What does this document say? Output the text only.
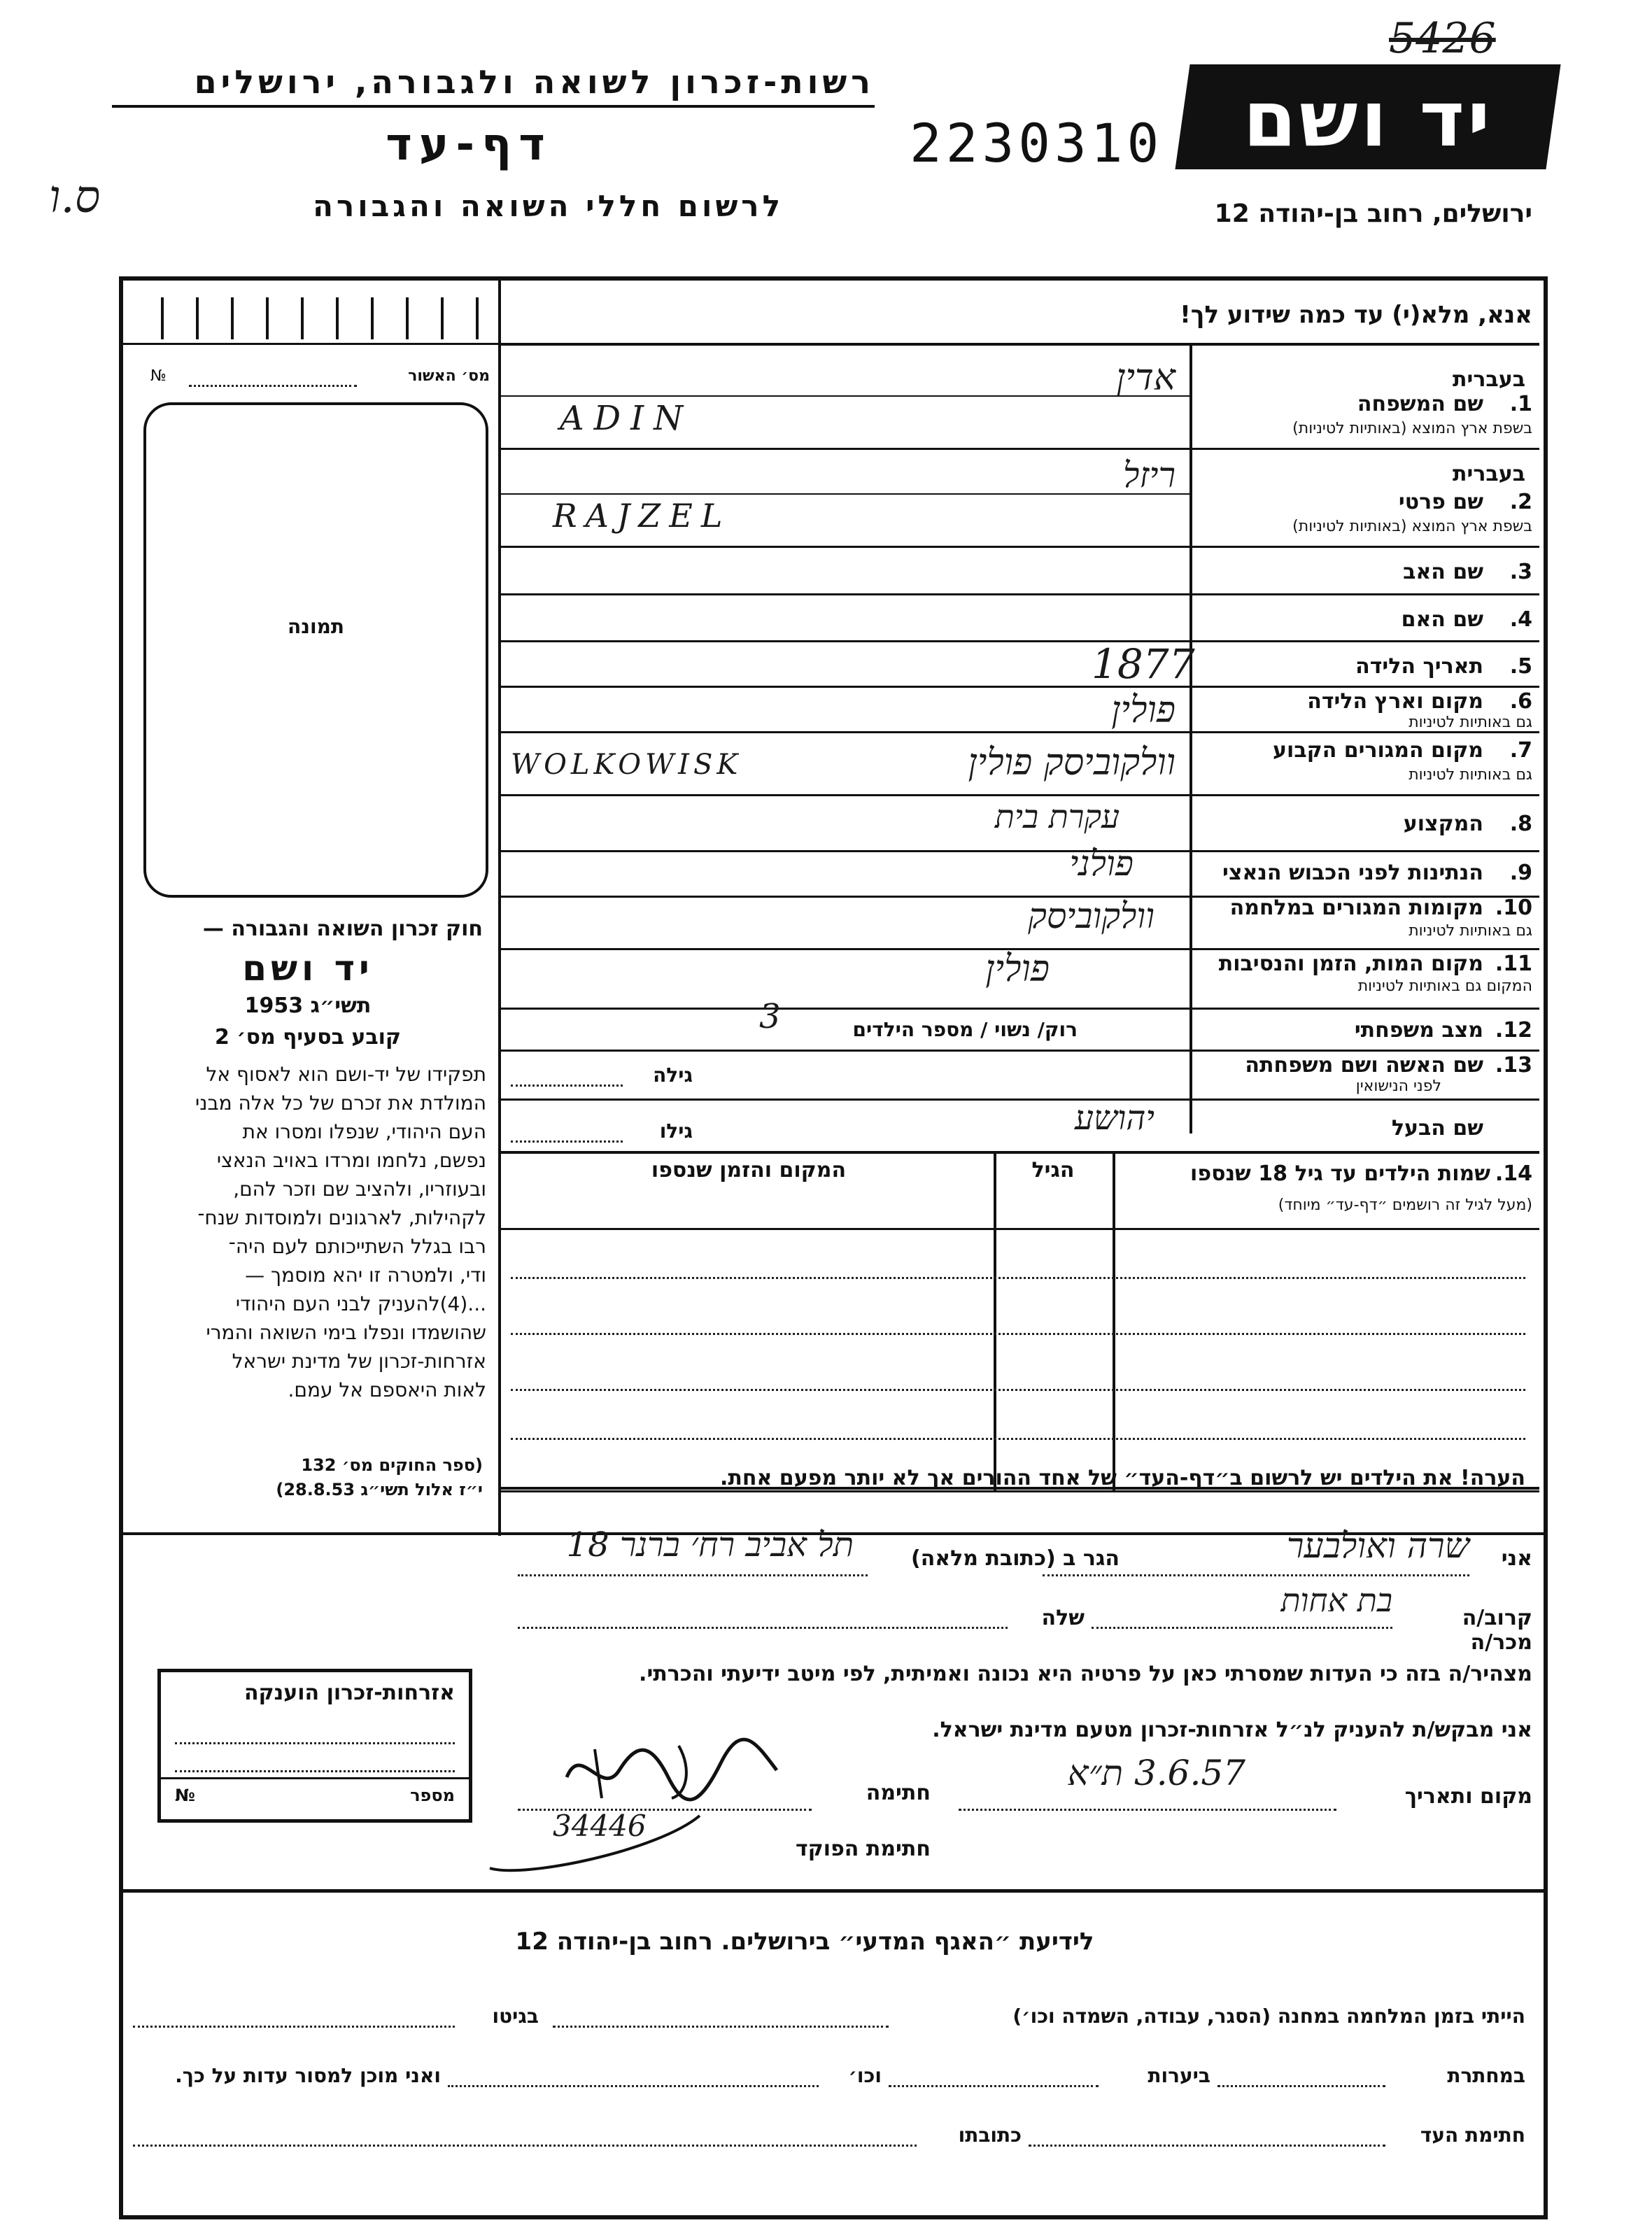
5426
רשות-זכרון לשואה ולגבורה, ירושלים
דף-עד
ס.ו	לרשום חללי השואה והגבורה
2230310	יד ושם
ירושלים, רחוב בן-יהודה 12
אנא, מלא(י) עד כמה שידוע לך!
מס׳ האשור
№
תמונה
חוק זכרון השואה והגבורה —
יד ושם
תשי״ג 1953
קובע בסעיף מס׳ 2
תפקידו של יד-ושם הוא לאסוף אל
המולדת את זכרם של כל אלה מבני
העם היהודי, שנפלו ומסרו את
נפשם, נלחמו ומרדו באויב הנאצי
ובעוזריו, ולהציב שם וזכר להם,
לקהילות, לארגונים ולמוסדות שנח־
רבו בגלל השתייכותם לעם היה־
ודי, ולמטרה זו יהא מוסמך —
...(4)להעניק לבני העם היהודי
שהושמדו ונפלו בימי השואה והמרי
אזרחות-זכרון של מדינת ישראל
לאות היאספם אל עמם.
(ספר החוקים מס׳ 132
י״ז אלול תשי״ג 28.8.53)
אזרחות-זכרון הוענקה
מספר
№
בעברית
שם המשפחה	1.
בשפת ארץ המוצא (באותיות לטיניות)
אדין
ADIN
בעברית
שם פרטי	2.
בשפת ארץ המוצא (באותיות לטיניות)
ריזל
RAJZEL
שם האב	3.
שם האם	4.
תאריך הלידה	5.
1877
מקום וארץ הלידה	6.
גם באותיות לטיניות
פולין
מקום המגורים הקבוע	7.
גם באותיות לטיניות
וולקוביסק פולין
WOLKOWISK
המקצוע	8.
עקרת בית
הנתינות לפני הכבוש הנאצי	9.
פולני
מקומות המגורים במלחמה 10.
גם באותיות לטיניות
וולקוביסק
מקום המות, הזמן והנסיבות 11.
המקום גם באותיות לטיניות
פולין
מצב משפחתי 12.
רוק/ נשוי / מספר הילדים
3
שם האשה ושם משפחתה 13.
לפני הנישואין
גילה
שם הבעל
יהושע
גילו
שמות הילדים עד גיל 18 שנספו 14.
(מעל לגיל זה רושמים ״דף-עד״ מיוחד)
הגיל
המקום והזמן שנספו
הערה! את הילדים יש לרשום ב״דף-העד״ של אחד ההורים אך לא יותר מפעם אחת.
אני
שרה ואולבער
הגר ב (כתובת מלאה)
תל אביב רח׳ ברנר 18
קרוב/ה מכר/ה
בת אחות
שלה
מצהיר/ה בזה כי העדות שמסרתי כאן על פרטיה היא נכונה ואמיתית, לפי מיטב ידיעתי והכרתי.
אני מבקש/ת להעניק לנ״ל אזרחות-זכרון מטעם מדינת ישראל.
מקום ותאריך
3.6.57 ת״א
חתימה
חתימת הפוקד
34446
לידיעת ״האגף המדעי״ בירושלים. רחוב בן-יהודה 12
הייתי בזמן המלחמה במחנה (הסגר, עבודה, השמדה וכו׳)
בגיטו
במחתרת
ביערות
וכו׳
ואני מוכן למסור עדות על כך.
חתימת העד
כתובתו
